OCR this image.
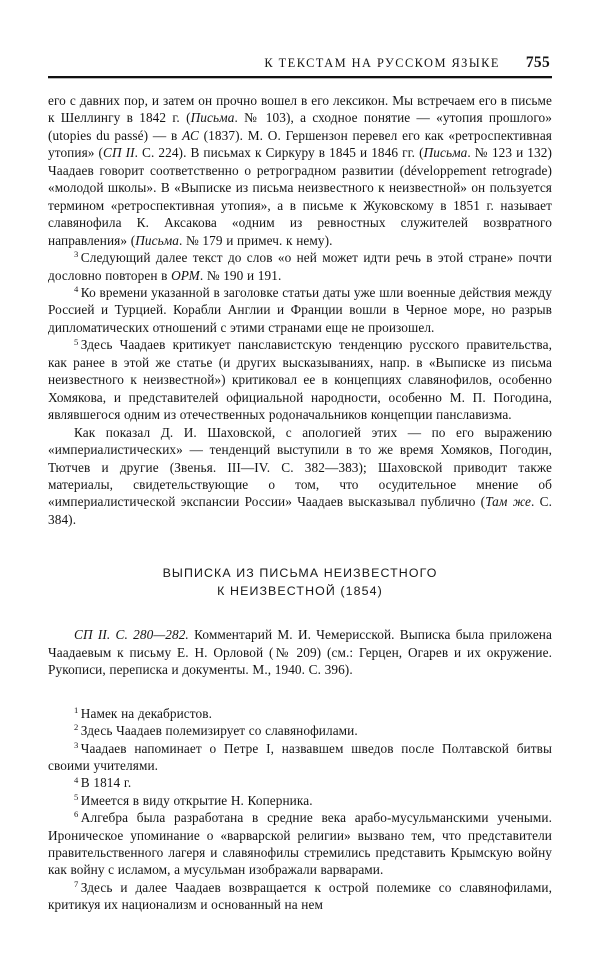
К ТЕКСТАМ НА РУССКОМ ЯЗЫКЕ 755

его с давних пор, и затем он прочно вошел в его лексикон. Мы встречаем его в письме к Шеллингу в 1842 г. (Письма. № 103), а сходное понятие — «утопия прошлого» (utopies du passé) — в АС (1837). М. О. Гершензон перевел его как «ретроспективная утопия» (СП II. С. 224). В письмах к Сиркуру в 1845 и 1846 гг. (Письма. № 123 и 132) Чаадаев говорит соответственно о ретроградном развитии (développement retrograde) «молодой школы». В «Выписке из письма неизвестного к неизвестной» он пользуется термином «ретроспективная утопия», а в письме к Жуковскому в 1851 г. называет славянофила К. Аксакова «одним из ревностных служителей возвратного направления» (Письма. № 179 и примеч. к нему).

$^3$ Следующий далее текст до слов «о ней может идти речь в этой стране» почти дословно повторен в ОРМ. № 190 и 191.

$^4$ Ко времени указанной в заголовке статьи даты уже шли военные действия между Россией и Турцией. Корабли Англии и Франции вошли в Черное море, но разрыв дипломатических отношений с этими странами еще не произошел.

$^5$ Здесь Чаадаев критикует панславистскую тенденцию русского правительства, как ранее в этой же статье (и других высказываниях, напр. в «Выписке из письма неизвестного к неизвестной») критиковал ее в концепциях славянофилов, особенно Хомякова, и представителей официальной народности, особенно М. П. Погодина, являвшегося одним из отечественных родоначальников концепции панславизма.

Как показал Д. И. Шаховской, с апологией этих — по его выражению «империалистических» — тенденций выступили в то же время Хомяков, Погодин, Тютчев и другие (Звенья. III—IV. С. 382—383); Шаховской приводит также материалы, свидетельствующие о том, что осудительное мнение об «империалистической экспансии России» Чаадаев высказывал публично (Там же. С. 384).

ВЫПИСКА ИЗ ПИСЬМА НЕИЗВЕСТНОГО
К НЕИЗВЕСТНОЙ (1854)

СП II. С. 280—282. Комментарий М. И. Чемерисской. Выписка была приложена Чаадаевым к письму Е. Н. Орловой (№ 209) (см.: Герцен, Огарев и их окружение. Рукописи, переписка и документы. М., 1940. С. 396).

$^1$ Намек на декабристов.

$^2$ Здесь Чаадаев полемизирует со славянофилами.

$^3$ Чаадаев напоминает о Петре I, назвавшем шведов после Полтавской битвы своими учителями.

$^4$ В 1814 г.

$^5$ Имеется в виду открытие Н. Коперника.

$^6$ Алгебра была разработана в средние века арабо-мусульманскими учеными. Ироническое упоминание о «варварской религии» вызвано тем, что представители правительственного лагеря и славянофилы стремились представить Крымскую войну как войну с исламом, а мусульман изображали варварами.

$^7$ Здесь и далее Чаадаев возвращается к острой полемике со славянофилами, критикуя их национализм и основанный на нем
